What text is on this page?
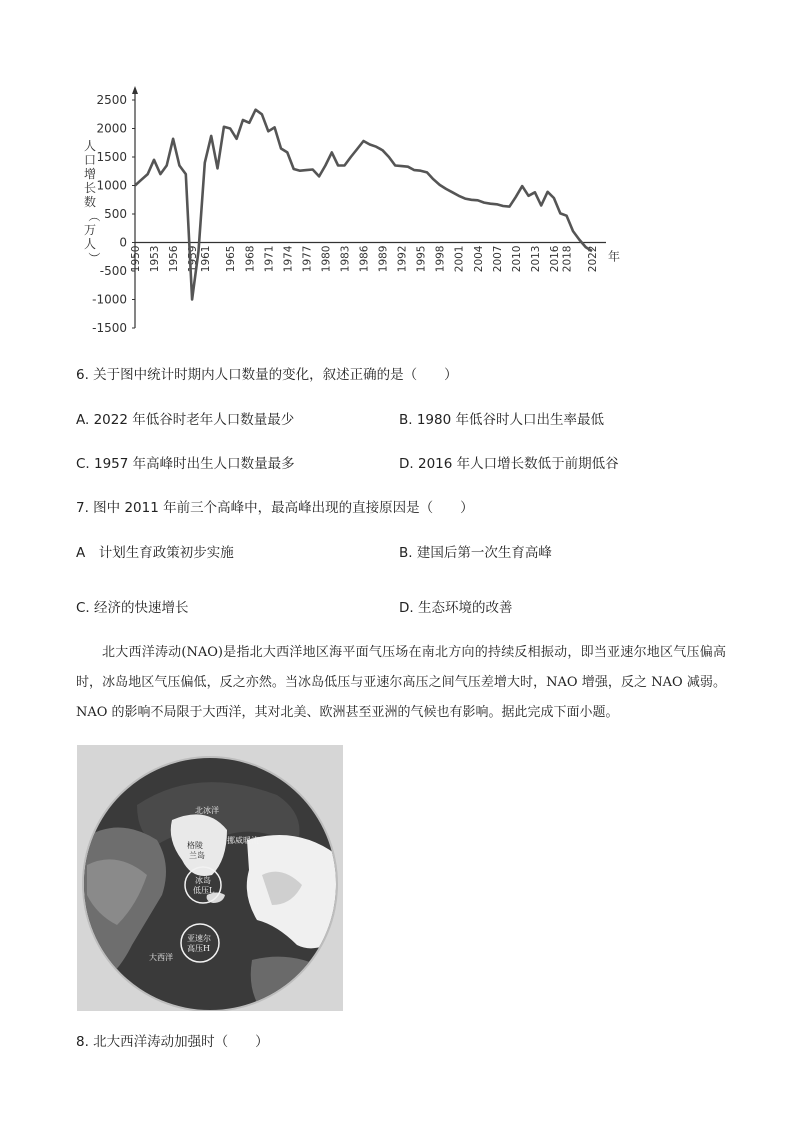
2500
2000
1500
1000
500
0
-500
-1000
-1500
1950 1953 1956 1959 1961 1965 1968 1971 1974 1977 1980 1983 1986 1989 1992 1995 1998 2001 2004 2007 2010 2013 2016 2018 2022 年
人
口
增
长
数
（
万
人
）
6. 关于图中统计时期内人口数量的变化，叙述正确的是（　　）
A. 2022 年低谷时老年人口数量最少	B. 1980 年低谷时人口出生率最低
C. 1957 年高峰时出生人口数量最多	D. 2016 年人口增长数低于前期低谷
7. 图中 2011 年前三个高峰中，最高峰出现的直接原因是（　　）
A　计划生育政策初步实施	B. 建国后第一次生育高峰
C. 经济的快速增长	D. 生态环境的改善
北大西洋涛动(NAO)是指北大西洋地区海平面气压场在南北方向的持续反相振动，即当亚速尔地区气压偏高时，冰岛地区气压偏低，反之亦然。当冰岛低压与亚速尔高压之间气压差增大时，NAO 增强，反之 NAO 减弱。NAO 的影响不局限于大西洋，其对北美、欧洲甚至亚洲的气候也有影响。据此完成下面小题。
北冰洋
格陵
兰岛
挪威暖流
冰岛
低压L
亚速尔
高压H
大西洋
8. 北大西洋涛动加强时（　　）
